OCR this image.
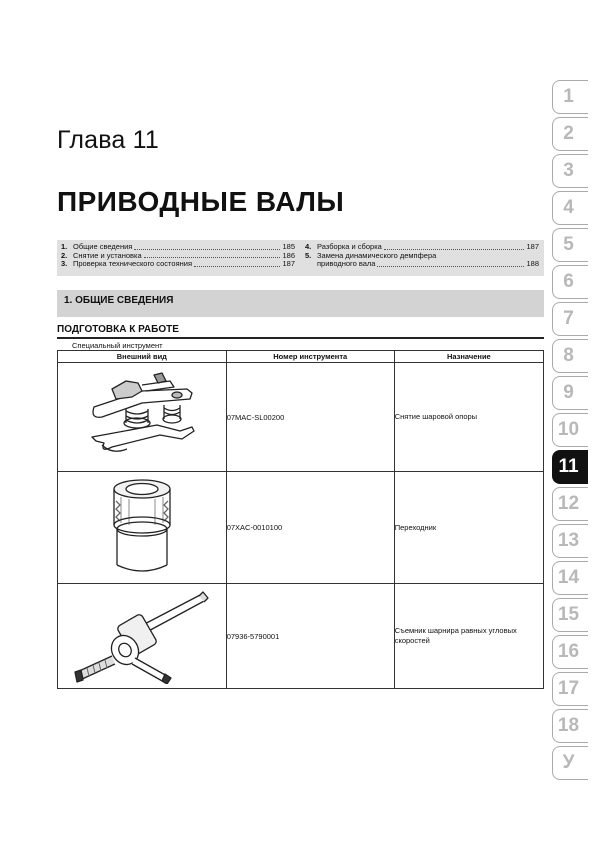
Глава 11
ПРИВОДНЫЕ ВАЛЫ
1. Общие сведения	185
2. Снятие и установка	186
3. Проверка технического состояния	187
4. Разборка и сборка	187
5. Замена динамического демпфера
приводного вала	188
1. ОБЩИЕ СВЕДЕНИЯ
ПОДГОТОВКА К РАБОТЕ
Специальный инструмент
Внешний вид	Номер инструмента	Назначение

	07MAC-SL00200	Снятие шаровой опоры

	07XAC-0010100	Переходник

	07936-5790001	Съемник шарнира равных угловых скоростей
1
2
3
4
5
6
7
8
9
10
11
12
13
14
15
16
17
18
У
